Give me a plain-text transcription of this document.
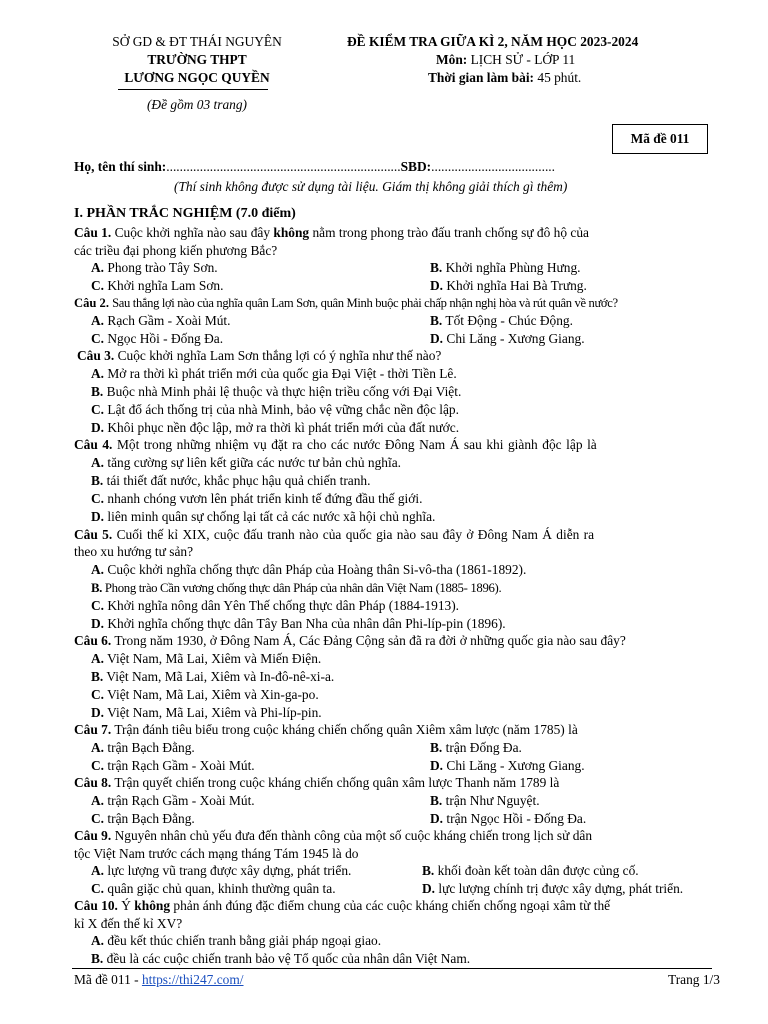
SỞ GD & ĐT THÁI NGUYÊN
TRƯỜNG THPT
LƯƠNG NGỌC QUYỀN
(Đề gồm 03 trang)
ĐỀ KIỂM TRA GIỮA KÌ 2, NĂM HỌC 2023-2024
Môn: LỊCH SỬ - LỚP 11
Thời gian làm bài: 45 phút.
Mã đề 011
Họ, tên thí sinh:......................................................................SBD:.....................................
(Thí sinh không được sử dụng tài liệu. Giám thị không giải thích gì thêm)
I. PHẦN TRẮC NGHIỆM (7.0 điểm)
Câu 1. Cuộc khởi nghĩa nào sau đây không nằm trong phong trào đấu tranh chống sự đô hộ của
các triều đại phong kiến phương Bắc?
A. Phong trào Tây Sơn.	B. Khởi nghĩa Phùng Hưng.
C. Khởi nghĩa Lam Sơn.	D. Khởi nghĩa Hai Bà Trưng.
Câu 2. Sau thắng lợi nào của nghĩa quân Lam Sơn, quân Minh buộc phải chấp nhận nghị hòa và rút quân về nước?
A. Rạch Gầm - Xoài Mút.	B. Tốt Động - Chúc Động.
C. Ngọc Hồi - Đống Đa.	D. Chi Lăng - Xương Giang.
Câu 3. Cuộc khởi nghĩa Lam Sơn thắng lợi có ý nghĩa như thế nào?
A. Mở ra thời kì phát triển mới của quốc gia Đại Việt - thời Tiền Lê.
B. Buộc nhà Minh phải lệ thuộc và thực hiện triều cống với Đại Việt.
C. Lật đổ ách thống trị của nhà Minh, bảo vệ vững chắc nền độc lập.
D. Khôi phục nền độc lập, mở ra thời kì phát triển mới của đất nước.
Câu 4. Một trong những nhiệm vụ đặt ra cho các nước Đông Nam Á sau khi giành độc lập là
A. tăng cường sự liên kết giữa các nước tư bản chủ nghĩa.
B. tái thiết đất nước, khắc phục hậu quả chiến tranh.
C. nhanh chóng vươn lên phát triển kinh tế đứng đầu thế giới.
D. liên minh quân sự chống lại tất cả các nước xã hội chủ nghĩa.
Câu 5. Cuối thế kỉ XIX, cuộc đấu tranh nào của quốc gia nào sau đây ở Đông Nam Á diễn ra
theo xu hướng tư sản?
A. Cuộc khởi nghĩa chống thực dân Pháp của Hoàng thân Si-vô-tha (1861-1892).
B. Phong trào Cần vương chống thực dân Pháp của nhân dân Việt Nam (1885- 1896).
C. Khởi nghĩa nông dân Yên Thế chống thực dân Pháp (1884-1913).
D. Khởi nghĩa chống thực dân Tây Ban Nha của nhân dân Phi-líp-pin (1896).
Câu 6. Trong năm 1930, ở Đông Nam Á, Các Đảng Cộng sản đã ra đời ở những quốc gia nào sau đây?
A. Việt Nam, Mã Lai, Xiêm và Miến Điện.
B. Việt Nam, Mã Lai, Xiêm và In-đô-nê-xi-a.
C. Việt Nam, Mã Lai, Xiêm và Xin-ga-po.
D. Việt Nam, Mã Lai, Xiêm và Phi-líp-pin.
Câu 7. Trận đánh tiêu biểu trong cuộc kháng chiến chống quân Xiêm xâm lược (năm 1785) là
A. trận Bạch Đằng.	B. trận Đống Đa.
C. trận Rạch Gầm - Xoài Mút.	D. Chi Lăng - Xương Giang.
Câu 8. Trận quyết chiến trong cuộc kháng chiến chống quân xâm lược Thanh năm 1789 là
A. trận Rạch Gầm - Xoài Mút.	B. trận Như Nguyệt.
C. trận Bạch Đằng.	D. trận Ngọc Hồi - Đống Đa.
Câu 9. Nguyên nhân chủ yếu đưa đến thành công của một số cuộc kháng chiến trong lịch sử dân
tộc Việt Nam trước cách mạng tháng Tám 1945 là do
A. lực lượng vũ trang được xây dựng, phát triển.	B. khối đoàn kết toàn dân được củng cố.
C. quân giặc chủ quan, khinh thường quân ta.	D. lực lượng chính trị được xây dựng, phát triển.
Câu 10. Ý không phản ánh đúng đặc điểm chung của các cuộc kháng chiến chống ngoại xâm từ thế
kỉ X đến thế kỉ XV?
A. đều kết thúc chiến tranh bằng giải pháp ngoại giao.
B. đều là các cuộc chiến tranh bảo vệ Tổ quốc của nhân dân Việt Nam.
Mã đề 011 - https://thi247.com/	Trang 1/3
